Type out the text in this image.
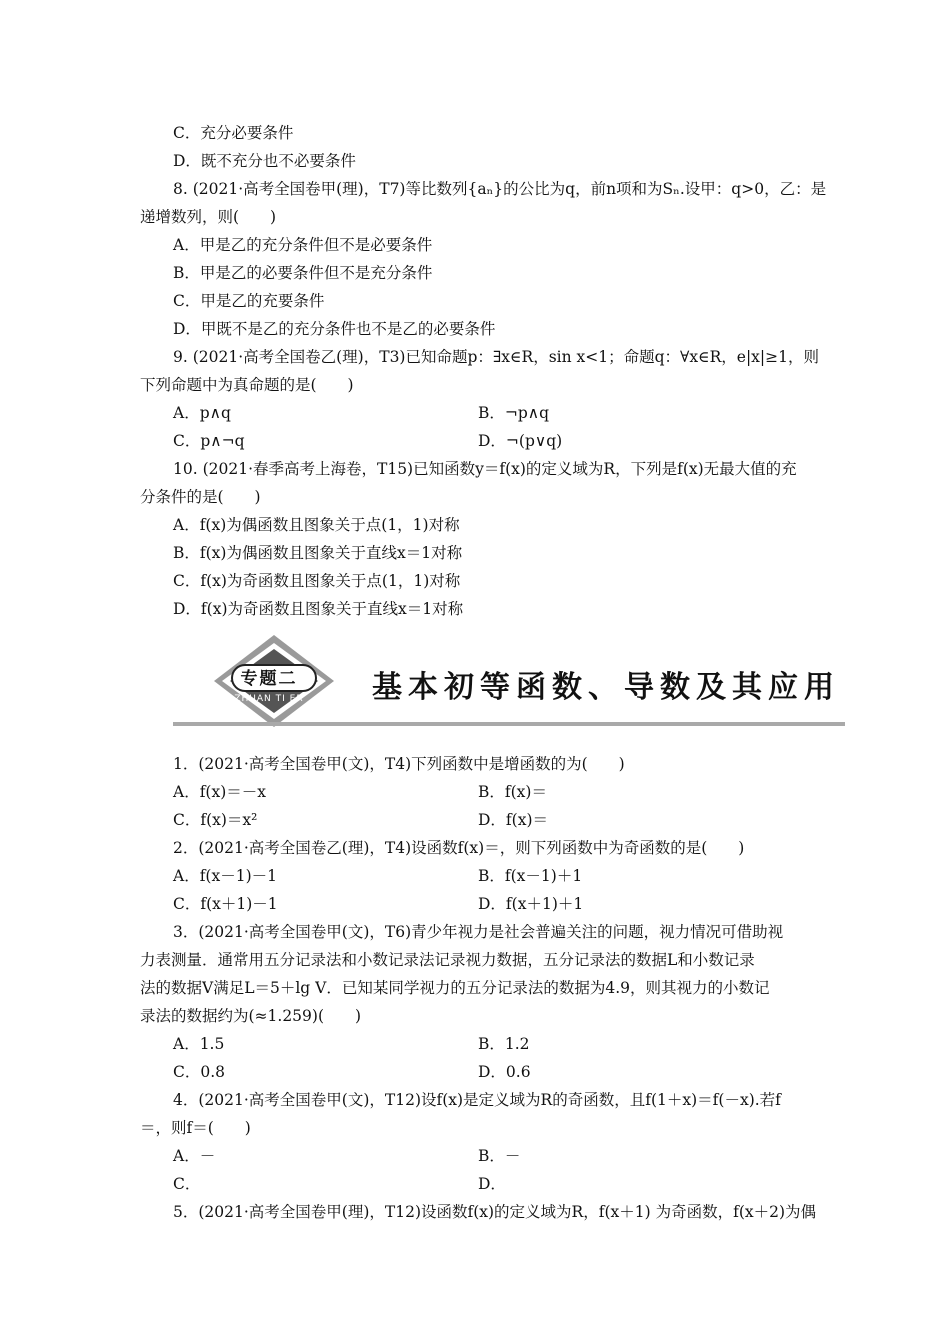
C．充分必要条件
D．既不充分也不必要条件
8. (2021·高考全国卷甲(理)，T7)等比数列{aₙ}的公比为q，前n项和为Sₙ.设甲：q>0，乙：是
递增数列，则(　　)
A．甲是乙的充分条件但不是必要条件
B．甲是乙的必要条件但不是充分条件
C．甲是乙的充要条件
D．甲既不是乙的充分条件也不是乙的必要条件
9. (2021·高考全国卷乙(理)，T3)已知命题p：∃x∈R，sin x<1；命题q：∀x∈R，e|x|≥1，则
下列命题中为真命题的是(　　)
A．p∧q	B．¬p∧q
C．p∧¬q	D．¬(p∨q)
10. (2021·春季高考上海卷，T15)已知函数y＝f(x)的定义域为R，下列是f(x)无最大值的充
分条件的是(　　)
A．f(x)为偶函数且图象关于点(1，1)对称
B．f(x)为偶函数且图象关于直线x＝1对称
C．f(x)为奇函数且图象关于点(1，1)对称
D．f(x)为奇函数且图象关于直线x＝1对称
1．(2021·高考全国卷甲(文)，T4)下列函数中是增函数的为(　　)
A．f(x)＝－x	B．f(x)＝
C．f(x)＝x²	D．f(x)＝
2．(2021·高考全国卷乙(理)，T4)设函数f(x)＝，则下列函数中为奇函数的是(　　)
A．f(x－1)－1	B．f(x－1)＋1
C．f(x＋1)－1	D．f(x＋1)＋1
3．(2021·高考全国卷甲(文)，T6)青少年视力是社会普遍关注的问题，视力情况可借助视
力表测量．通常用五分记录法和小数记录法记录视力数据，五分记录法的数据L和小数记录
法的数据V满足L＝5＋lg V．已知某同学视力的五分记录法的数据为4.9，则其视力的小数记
录法的数据约为(≈1.259)(　　)
A．1.5	B．1.2
C．0.8	D．0.6
4．(2021·高考全国卷甲(文)，T12)设f(x)是定义域为R的奇函数，且f(1＋x)＝f(－x).若f
＝，则f＝(　　)
A．－	B．－
C．	D．
5．(2021·高考全国卷甲(理)，T12)设函数f(x)的定义域为R，f(x＋1) 为奇函数，f(x＋2)为偶
专题二
ZHUAN TI ER 基本初等函数、导数及其应用
